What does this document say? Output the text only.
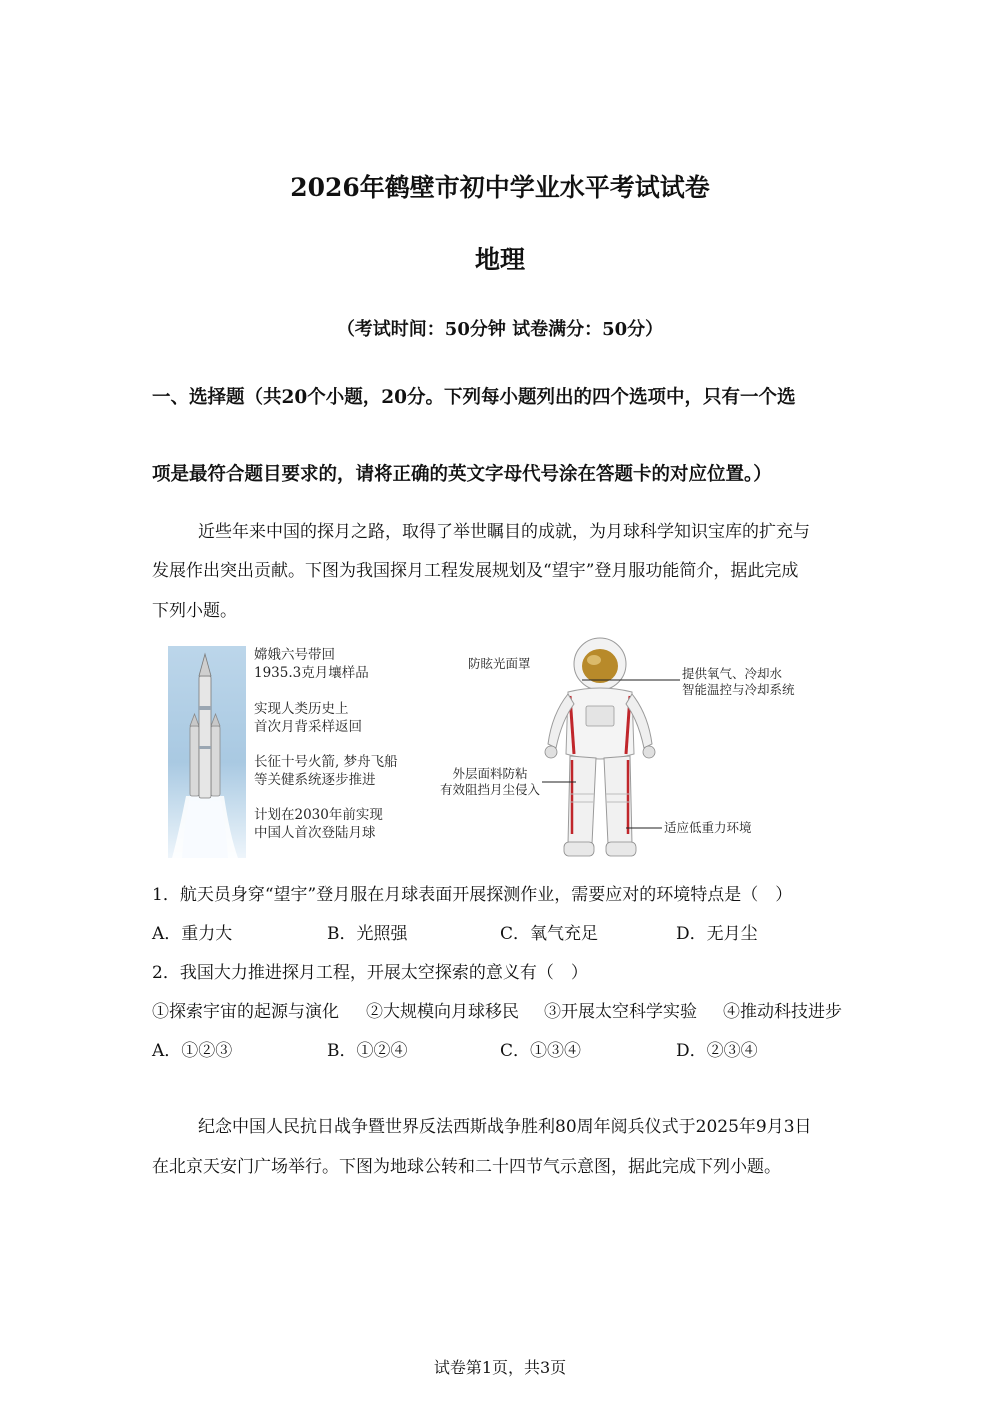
2026年鹤壁市初中学业水平考试试卷
地理
（考试时间：50分钟 试卷满分：50分）
一、选择题（共20个小题，20分。下列每小题列出的四个选项中，只有一个选
项是最符合题目要求的，请将正确的英文字母代号涂在答题卡的对应位置。）
近些年来中国的探月之路，取得了举世瞩目的成就，为月球科学知识宝库的扩充与
发展作出突出贡献。下图为我国探月工程发展规划及“望宇”登月服功能简介，据此完成
下列小题。
嫦娥六号带回
1935.3克月壤样品
实现人类历史上
首次月背采样返回
长征十号火箭, 梦舟飞船
等关健系统逐步推进
计划在2030年前实现
中国人首次登陆月球
防眩光面罩
提供氧气、冷却水
智能温控与冷却系统
外层面料防粘
有效阻挡月尘侵入
适应低重力环境
1．航天员身穿“望宇”登月服在月球表面开展探测作业，需要应对的环境特点是（　）
A．重力大	B．光照强	C．氧气充足	D．无月尘
2．我国大力推进探月工程，开展太空探索的意义有（　）
①探索宇宙的起源与演化 ②大规模向月球移民 ③开展太空科学实验 ④推动科技进步
A．①②③	B．①②④	C．①③④	D．②③④
纪念中国人民抗日战争暨世界反法西斯战争胜利80周年阅兵仪式于2025年9月3日
在北京天安门广场举行。下图为地球公转和二十四节气示意图，据此完成下列小题。
试卷第1页，共3页
